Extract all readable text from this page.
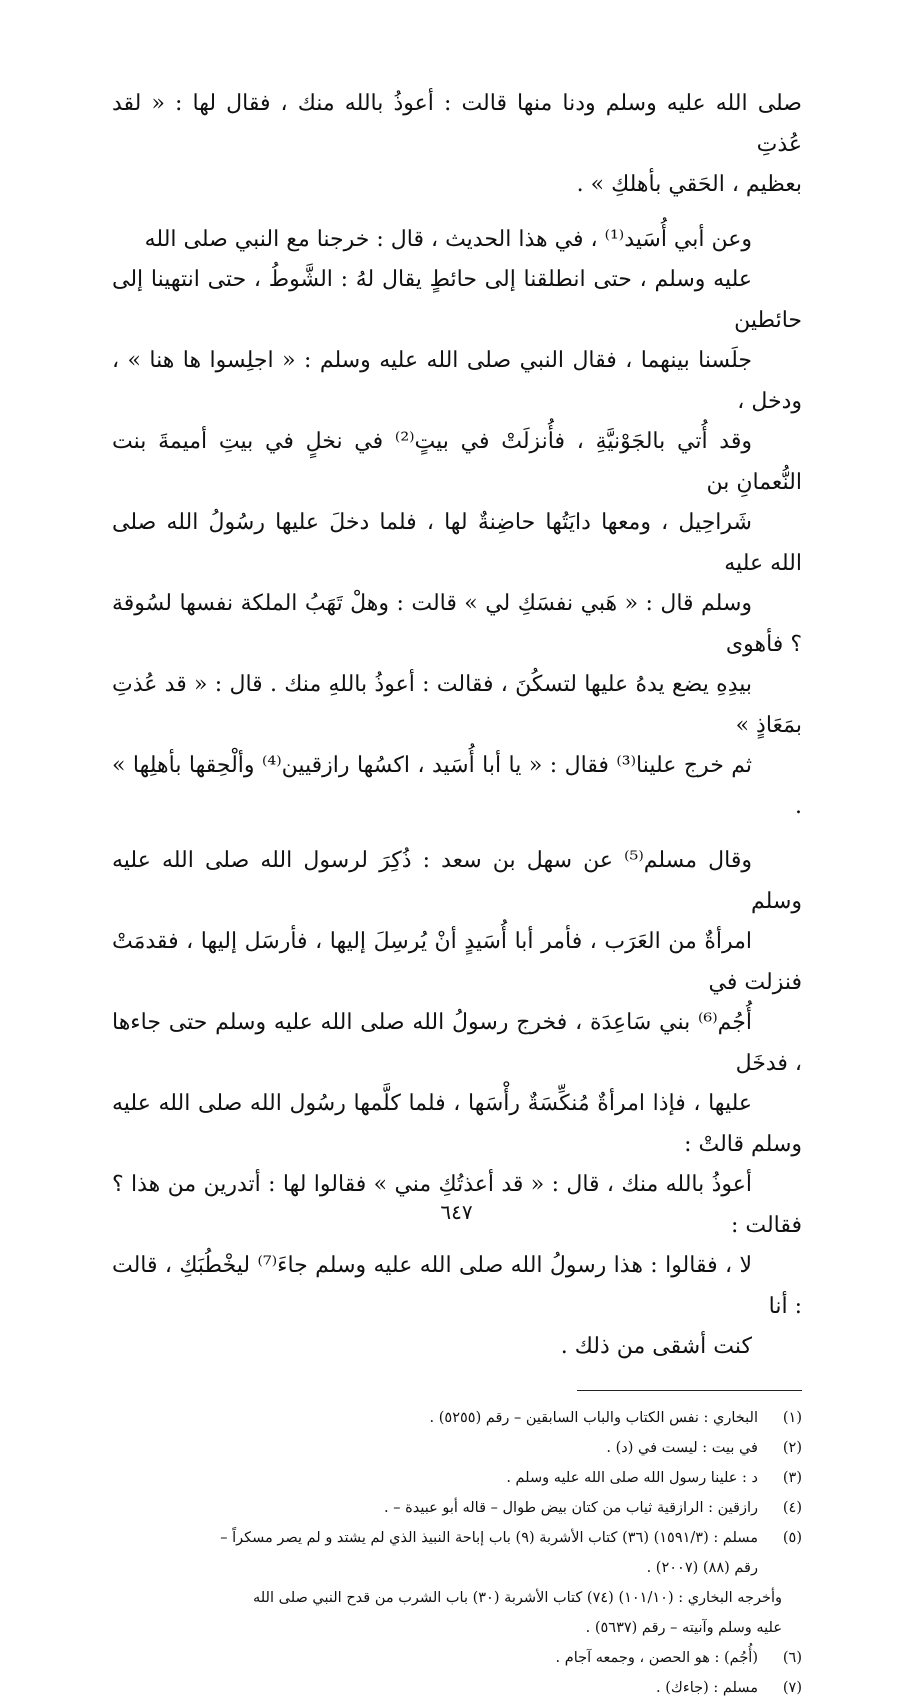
صلى الله عليه وسلم ودنا منها قالت : أعوذُ بالله منك ، فقال لها : « لقد عُذتِ
بعظيم ، الحَقي بأهلكِ » .

وعن أبي أُسَيد⁽¹⁾ ، في هذا الحديث ، قال : خرجنا مع النبي صلى الله
عليه وسلم ، حتى انطلقنا إلى حائطٍ يقال لهُ : الشَّوطُ ، حتى انتهينا إلى حائطين
جلَسنا بينهما ، فقال النبي صلى الله عليه وسلم : « اجلِسوا ها هنا » ، ودخل ،
وقد أُتي بالجَوْنيَّةِ ، فأُنزلَتْ في بيتٍ⁽²⁾ في نخلٍ في بيتِ أميمةَ بنت النُّعمانِ بن
شَراحِيل ، ومعها دايَتُها حاضِنةٌ لها ، فلما دخلَ عليها رسُولُ الله صلى الله عليه
وسلم قال : « هَبي نفسَكِ لي » قالت : وهلْ تَهَبُ الملكة نفسها لسُوقة ؟ فأهوى
بيدِهِ يضع يدهُ عليها لتسكُنَ ، فقالت : أعوذُ باللهِ منك . قال : « قد عُذتِ بمَعَاذٍ »
ثم خرج علينا⁽³⁾ فقال : « يا أبا أُسَيد ، اكسُها رازقيين⁽⁴⁾ وألْحِقها بأهلِها » .

وقال مسلم⁽⁵⁾ عن سهل بن سعد : ذُكِرَ لرسول الله صلى الله عليه وسلم
امرأةٌ من العَرَب ، فأمر أبا أُسَيدٍ أنْ يُرسِلَ إليها ، فأرسَل إليها ، فقدمَتْ فنزلت في
أُجُم⁽⁶⁾ بني سَاعِدَة ، فخرج رسولُ الله صلى الله عليه وسلم حتى جاءها ، فدخَل
عليها ، فإذا امرأةٌ مُنكِّسَةٌ رأْسَها ، فلما كلَّمها رسُول الله صلى الله عليه وسلم قالتْ :
أعوذُ بالله منك ، قال : « قد أعذتُكِ مني » فقالوا لها : أتدرين من هذا ؟ فقالت :
لا ، فقالوا : هذا رسولُ الله صلى الله عليه وسلم جاءَ⁽⁷⁾ ليخْطُبَكِ ، قالت : أنا
كنت أشقى من ذلك .

(١)
البخاري : نفس الكتاب والباب السابقين – رقم (٥٢٥٥) .
(٢)
في بيت : ليست في (د) .
(٣)
د : علينا رسول الله صلى الله عليه وسلم .
(٤)
رازقين : الرازقية ثياب من كتان بيض طوال – قاله أبو عبيدة – .
(٥)
مسلم : (١٥٩١/٣) (٣٦) كتاب الأشربة (٩) باب إباحة النبيذ الذي لم يشتد و لم يصر مسكراً –
رقم (٨٨) (٢٠٠٧) .
وأخرجه البخاري : (١٠١/١٠) (٧٤) كتاب الأشربة (٣٠) باب الشرب من قدح النبي صلى الله
عليه وسلم وآنيته – رقم (٥٦٣٧) .
(٦)
(أُجُم) : هو الحصن ، وجمعه آجام .
(٧)
مسلم : (جاءك) .
٦٤٧
